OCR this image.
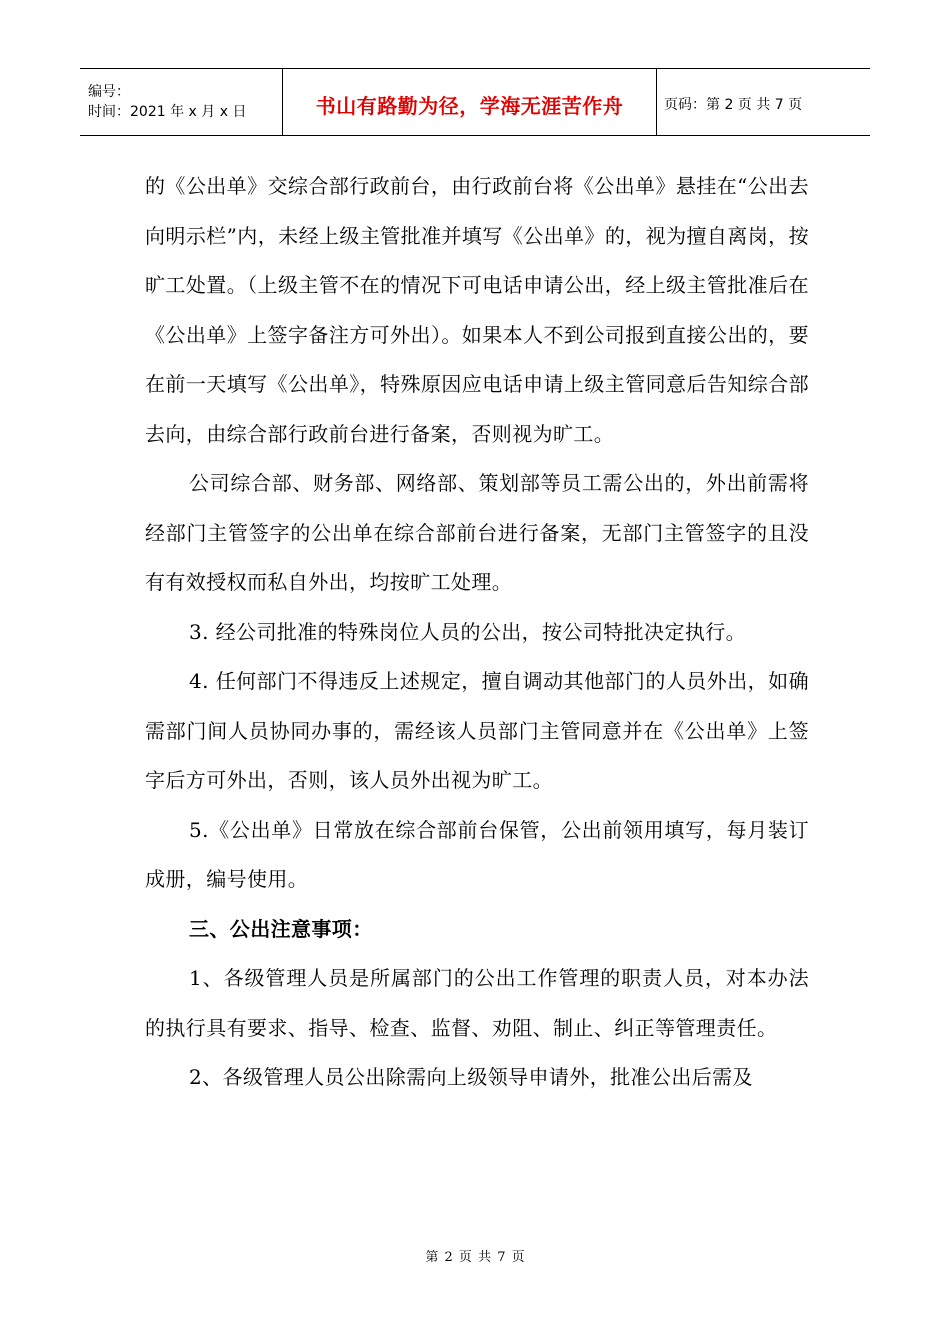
编号：
时间：2021 年 x 月 x 日	书山有路勤为径，学海无涯苦作舟	页码：第 2 页 共 7 页

的《公出单》交综合部行政前台，由行政前台将《公出单》悬挂在“公出去向明示栏”内，未经上级主管批准并填写《公出单》的，视为擅自离岗，按旷工处置。（上级主管不在的情况下可电话申请公出，经上级主管批准后在《公出单》上签字备注方可外出）。如果本人不到公司报到直接公出的，要在前一天填写《公出单》，特殊原因应电话申请上级主管同意后告知综合部去向，由综合部行政前台进行备案，否则视为旷工。

公司综合部、财务部、网络部、策划部等员工需公出的，外出前需将经部门主管签字的公出单在综合部前台进行备案，无部门主管签字的且没有有效授权而私自外出，均按旷工处理。

3. 经公司批准的特殊岗位人员的公出，按公司特批决定执行。

4. 任何部门不得违反上述规定，擅自调动其他部门的人员外出，如确需部门间人员协同办事的，需经该人员部门主管同意并在《公出单》上签字后方可外出，否则，该人员外出视为旷工。

5.《公出单》日常放在综合部前台保管，公出前领用填写，每月装订成册，编号使用。

三、公出注意事项：

1、各级管理人员是所属部门的公出工作管理的职责人员，对本办法的执行具有要求、指导、检查、监督、劝阻、制止、纠正等管理责任。

2、各级管理人员公出除需向上级领导申请外，批准公出后需及

第 2 页 共 7 页
